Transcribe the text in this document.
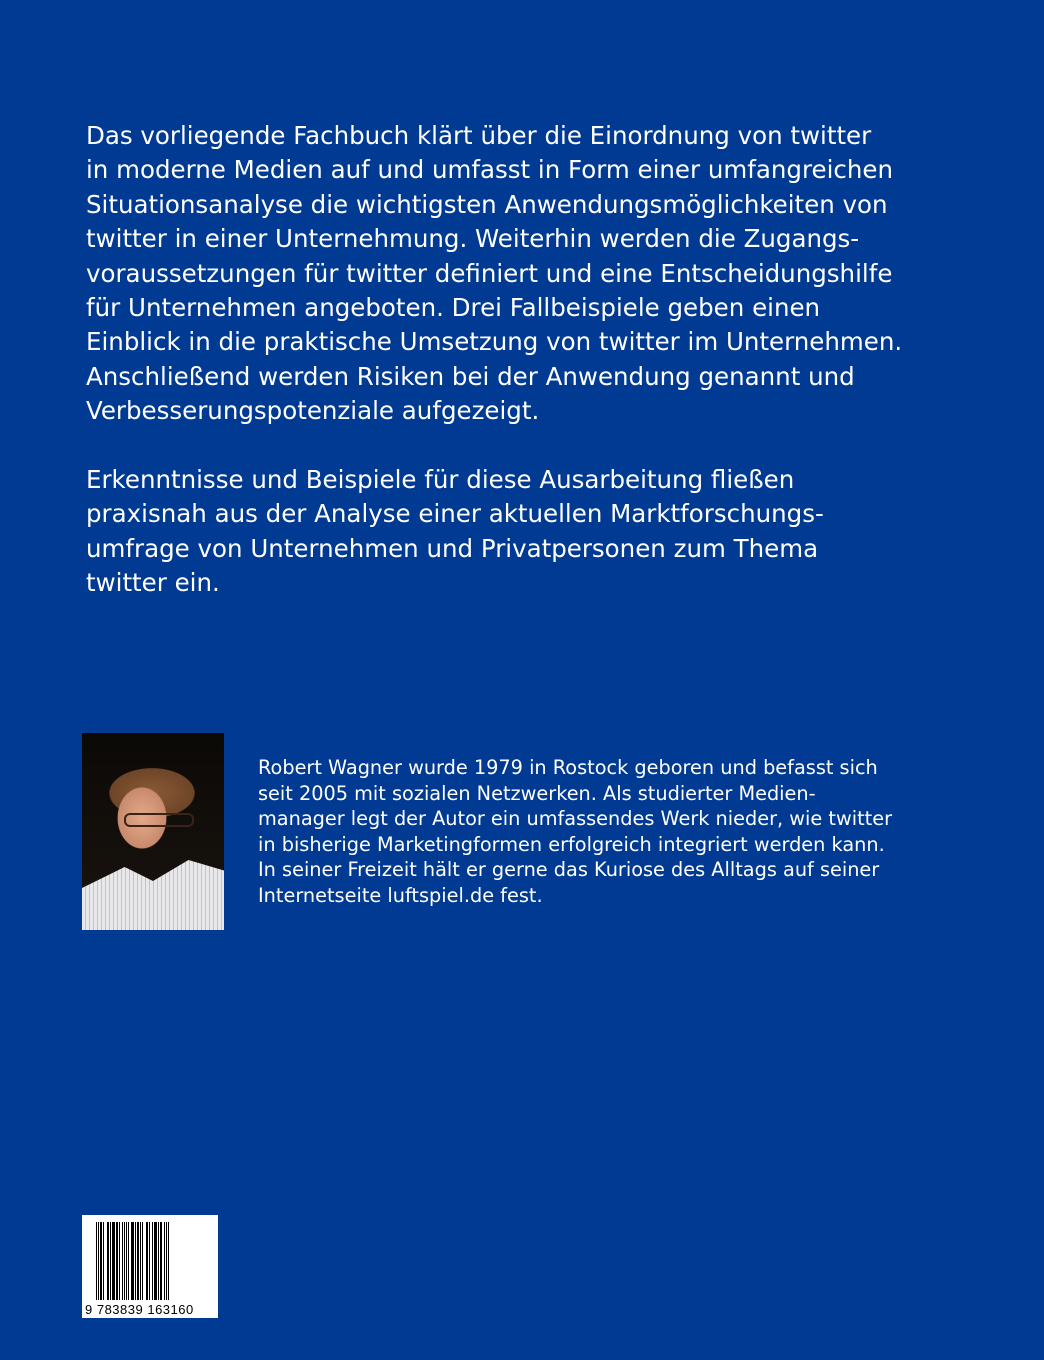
Das vorliegende Fachbuch klärt über die Einordnung von twitter
in moderne Medien auf und umfasst in Form einer umfangreichen
Situationsanalyse die wichtigsten Anwendungsmöglichkeiten von
twitter in einer Unternehmung. Weiterhin werden die Zugangs-
voraussetzungen für twitter definiert und eine Entscheidungshilfe
für Unternehmen angeboten. Drei Fallbeispiele geben einen
Einblick in die praktische Umsetzung von twitter im Unternehmen.
Anschließend werden Risiken bei der Anwendung genannt und
Verbesserungspotenziale aufgezeigt.
Erkenntnisse und Beispiele für diese Ausarbeitung fließen
praxisnah aus der Analyse einer aktuellen Marktforschungs-
umfrage von Unternehmen und Privatpersonen zum Thema
twitter ein.
Robert Wagner wurde 1979 in Rostock geboren und befasst sich
seit 2005 mit sozialen Netzwerken. Als studierter Medien-
manager legt der Autor ein umfassendes Werk nieder, wie twitter
in bisherige Marketingformen erfolgreich integriert werden kann.
In seiner Freizeit hält er gerne das Kuriose des Alltags auf seiner
Internetseite luftspiel.de fest.
9 783839 163160
